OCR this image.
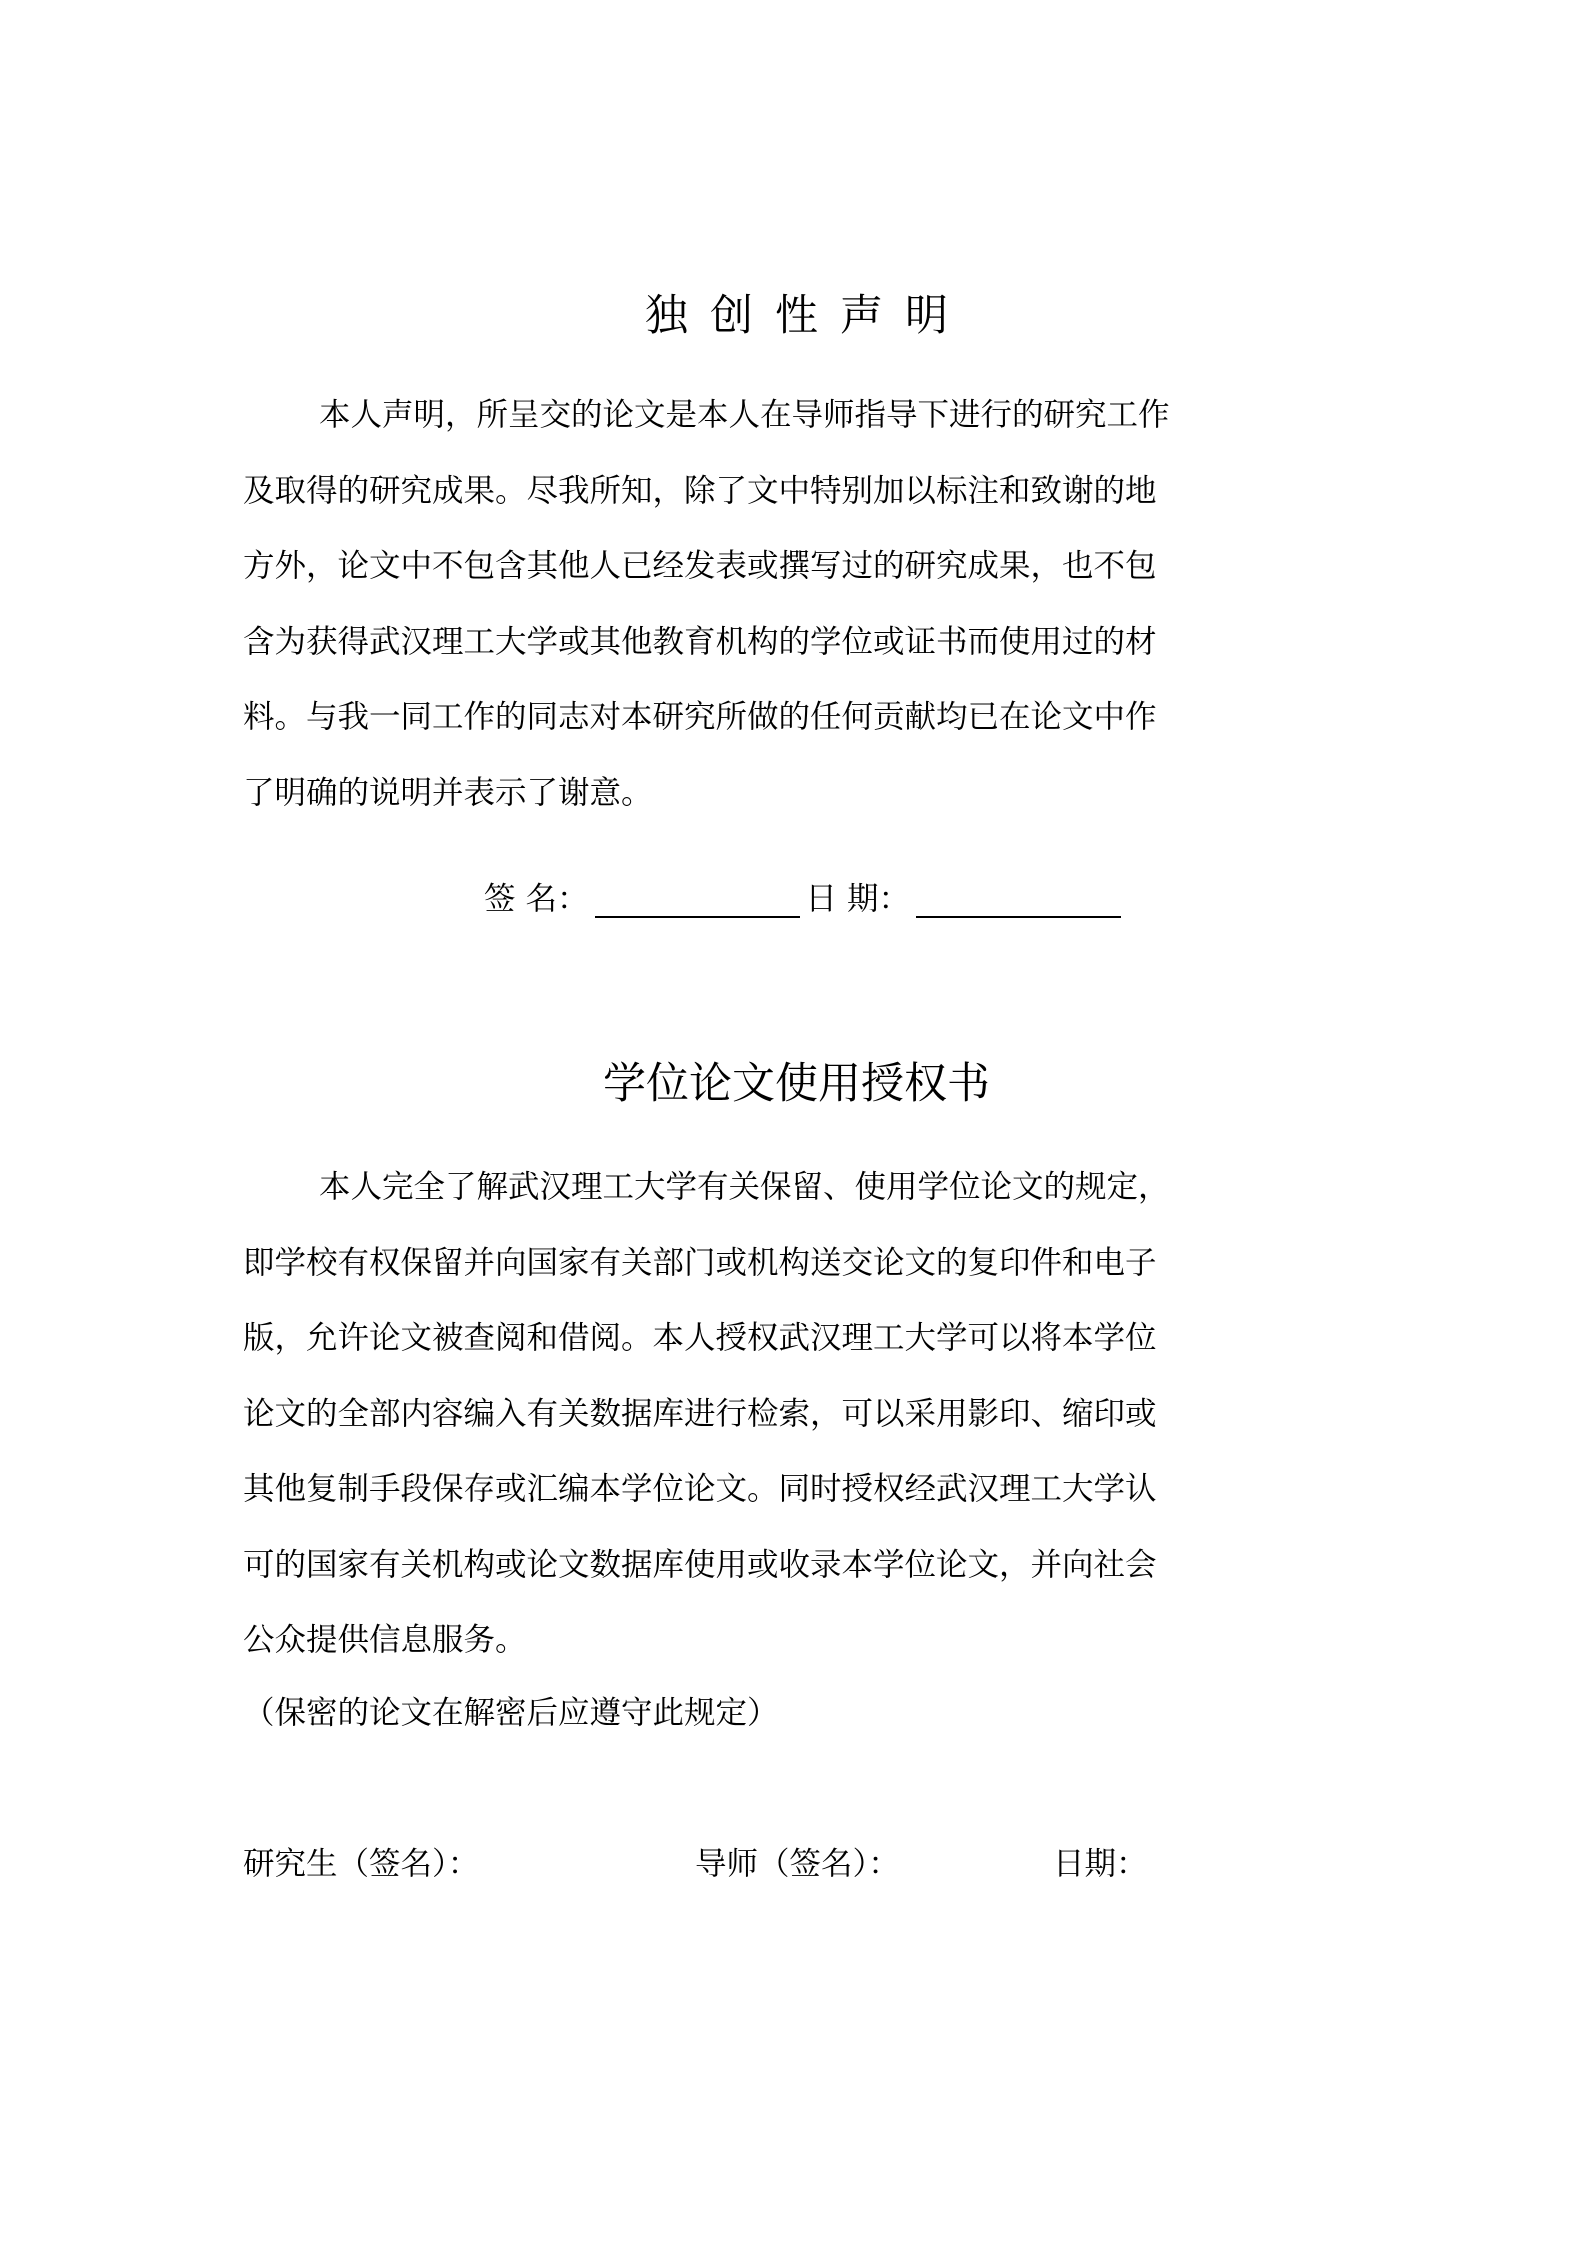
独创性声明
本人声明，所呈交的论文是本人在导师指导下进行的研究工作
及取得的研究成果。尽我所知，除了文中特别加以标注和致谢的地
方外，论文中不包含其他人已经发表或撰写过的研究成果，也不包
含为获得武汉理工大学或其他教育机构的学位或证书而使用过的材
料。与我一同工作的同志对本研究所做的任何贡献均已在论文中作
了明确的说明并表示了谢意。
签 名：	日 期：
学位论文使用授权书
本人完全了解武汉理工大学有关保留、使用学位论文的规定，
即学校有权保留并向国家有关部门或机构送交论文的复印件和电子
版，允许论文被查阅和借阅。本人授权武汉理工大学可以将本学位
论文的全部内容编入有关数据库进行检索，可以采用影印、缩印或
其他复制手段保存或汇编本学位论文。同时授权经武汉理工大学认
可的国家有关机构或论文数据库使用或收录本学位论文，并向社会
公众提供信息服务。
（保密的论文在解密后应遵守此规定）
研究生（签名）：	导师（签名）：	日期：
